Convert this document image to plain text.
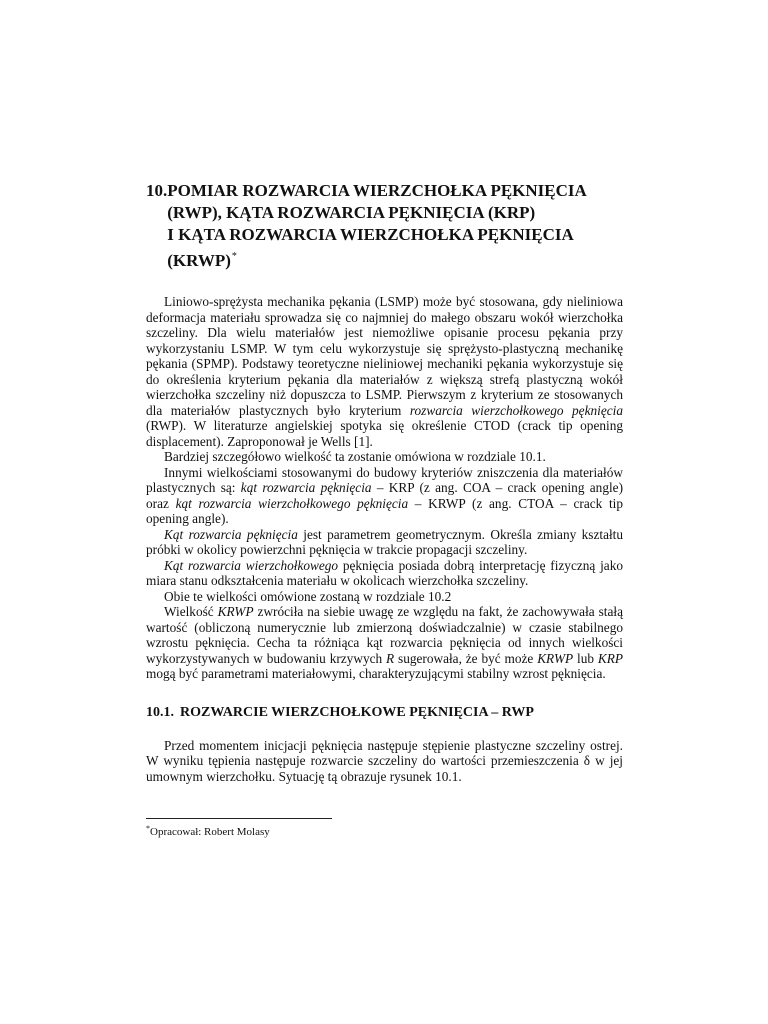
10. POMIAR ROZWARCIA WIERZCHOŁKA PĘKNIĘCIA
(RWP), KĄTA ROZWARCIA PĘKNIĘCIA (KRP)
I KĄTA ROZWARCIA WIERZCHOŁKA PĘKNIĘCIA
(KRWP)*

Liniowo-sprężysta mechanika pękania (LSMP) może być stosowana, gdy nieliniowa deformacja materiału sprowadza się co najmniej do małego obszaru wokół wierzchołka szczeliny. Dla wielu materiałów jest niemożliwe opisanie procesu pękania przy wykorzystaniu LSMP. W tym celu wykorzystuje się sprężysto-plastyczną mechanikę pękania (SPMP). Podstawy teoretyczne nieliniowej mechaniki pękania wykorzystuje się do określenia kryterium pękania dla materiałów z większą strefą plastyczną wokół wierzchołka szczeliny niż dopuszcza to LSMP. Pierwszym z kryterium ze stosowanych dla materiałów plastycznych było kryterium rozwarcia wierzchołkowego pęknięcia (RWP). W literaturze angielskiej spotyka się określenie CTOD (crack tip opening displacement). Zaproponował je Wells [1].

Bardziej szczegółowo wielkość ta zostanie omówiona w rozdziale 10.1.

Innymi wielkościami stosowanymi do budowy kryteriów zniszczenia dla materiałów plastycznych są: kąt rozwarcia pęknięcia – KRP (z ang. COA – crack opening angle) oraz kąt rozwarcia wierzchołkowego pęknięcia – KRWP (z ang. CTOA – crack tip opening angle).

Kąt rozwarcia pęknięcia jest parametrem geometrycznym. Określa zmiany kształtu próbki w okolicy powierzchni pęknięcia w trakcie propagacji szczeliny.

Kąt rozwarcia wierzchołkowego pęknięcia posiada dobrą interpretację fizyczną jako miara stanu odkształcenia materiału w okolicach wierzchołka szczeliny.

Obie te wielkości omówione zostaną w rozdziale 10.2

Wielkość KRWP zwróciła na siebie uwagę ze względu na fakt, że zachowywała stałą wartość (obliczoną numerycznie lub zmierzoną doświadczalnie) w czasie stabilnego wzrostu pęknięcia. Cecha ta różniąca kąt rozwarcia pęknięcia od innych wielkości wykorzystywanych w budowaniu krzywych R sugerowała, że być może KRWP lub KRP mogą być parametrami materiałowymi, charakteryzującymi stabilny wzrost pęknięcia.

10.1. ROZWARCIE WIERZCHOŁKOWE PĘKNIĘCIA – RWP

Przed momentem inicjacji pęknięcia następuje stępienie plastyczne szczeliny ostrej. W wyniku tępienia następuje rozwarcie szczeliny do wartości przemieszczenia δ w jej umownym wierzchołku. Sytuację tą obrazuje rysunek 10.1.

*Opracował: Robert Molasy
